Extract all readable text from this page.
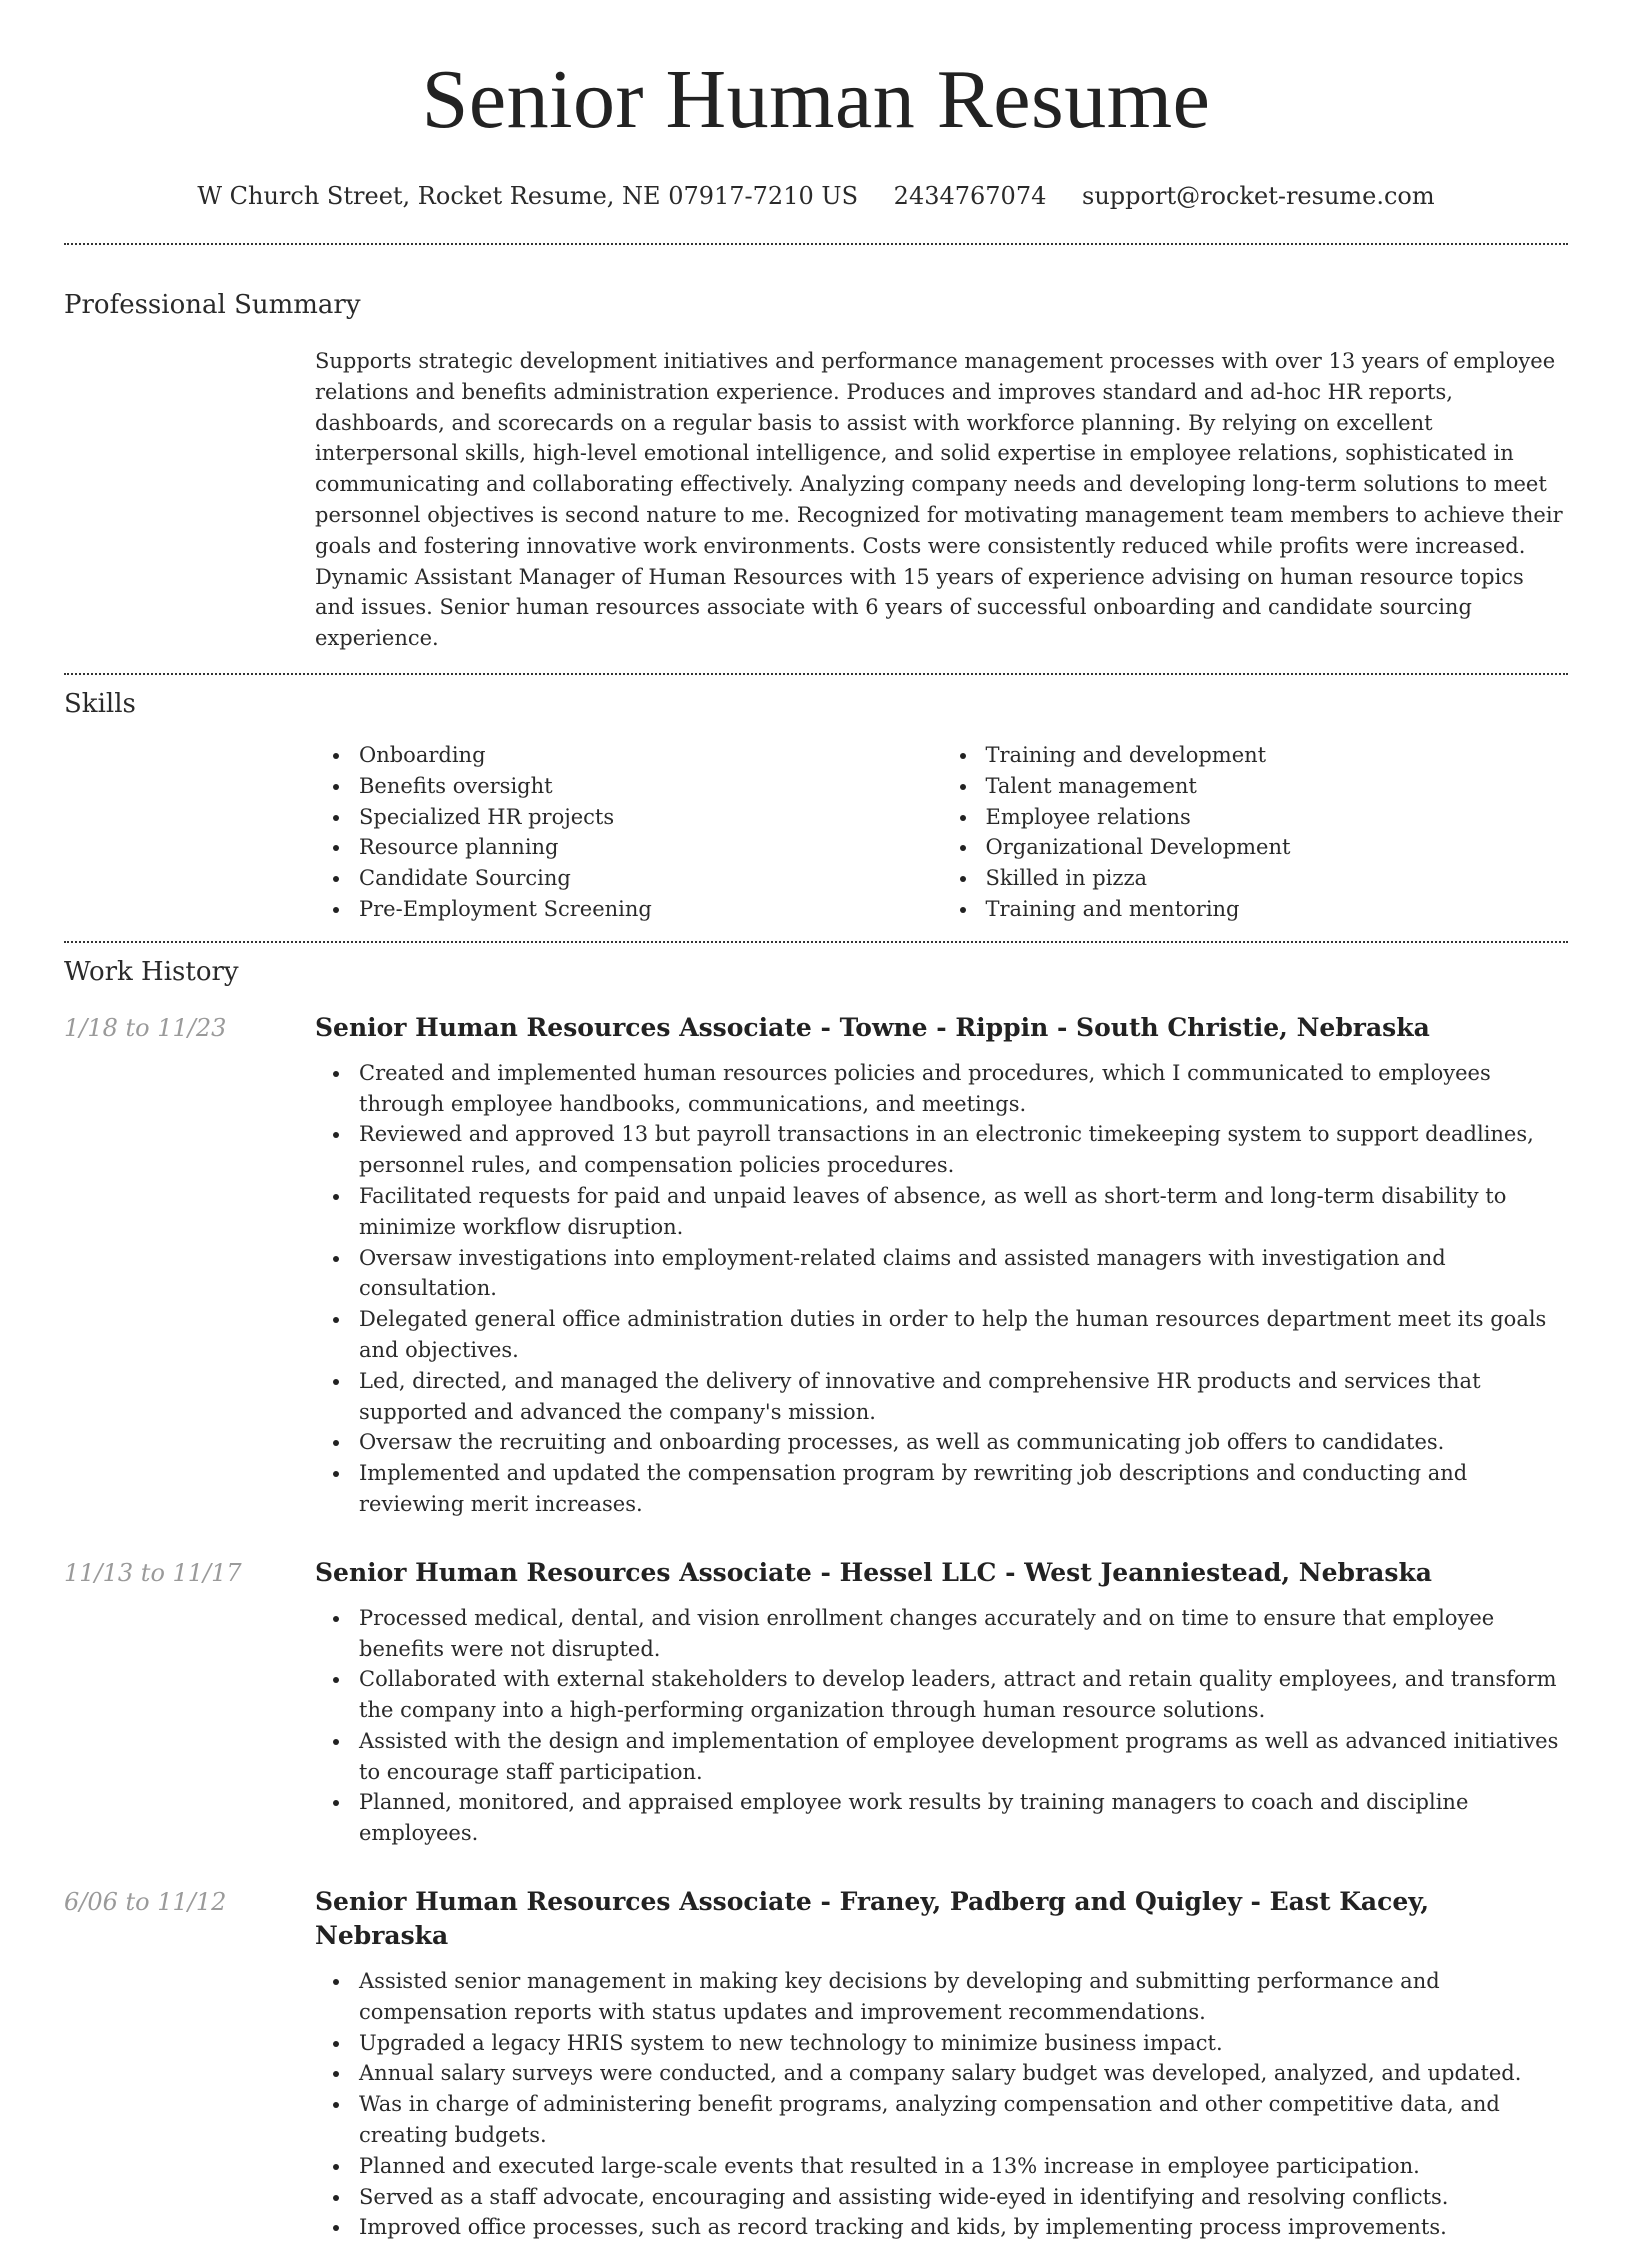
Senior Human Resume
W Church Street, Rocket Resume, NE 07917-7210 US 2434767074 support@rocket-resume.com
Professional Summary

Supports strategic development initiatives and performance management processes with over 13 years of employee relations and benefits administration experience. Produces and improves standard and ad-hoc HR reports, dashboards, and scorecards on a regular basis to assist with workforce planning. By relying on excellent interpersonal skills, high-level emotional intelligence, and solid expertise in employee relations, sophisticated in communicating and collaborating effectively. Analyzing company needs and developing long-term solutions to meet personnel objectives is second nature to me. Recognized for motivating management team members to achieve their goals and fostering innovative work environments. Costs were consistently reduced while profits were increased. Dynamic Assistant Manager of Human Resources with 15 years of experience advising on human resource topics and issues. Senior human resources associate with 6 years of successful onboarding and candidate sourcing experience.

Skills
Onboarding
Benefits oversight
Specialized HR projects
Resource planning
Candidate Sourcing
Pre-Employment Screening
Training and development
Talent management
Employee relations
Organizational Development
Skilled in pizza
Training and mentoring
Work History
1/18 to 11/23	Senior Human Resources Associate - Towne - Rippin - South Christie, Nebraska
Created and implemented human resources policies and procedures, which I communicated to employees through employee handbooks, communications, and meetings.
Reviewed and approved 13 but payroll transactions in an electronic timekeeping system to support deadlines, personnel rules, and compensation policies procedures.
Facilitated requests for paid and unpaid leaves of absence, as well as short-term and long-term disability to minimize workflow disruption.
Oversaw investigations into employment-related claims and assisted managers with investigation and consultation.
Delegated general office administration duties in order to help the human resources department meet its goals and objectives.
Led, directed, and managed the delivery of innovative and comprehensive HR products and services that supported and advanced the company's mission.
Oversaw the recruiting and onboarding processes, as well as communicating job offers to candidates.
Implemented and updated the compensation program by rewriting job descriptions and conducting and reviewing merit increases.
11/13 to 11/17	Senior Human Resources Associate - Hessel LLC - West Jeanniestead, Nebraska
Processed medical, dental, and vision enrollment changes accurately and on time to ensure that employee benefits were not disrupted.
Collaborated with external stakeholders to develop leaders, attract and retain quality employees, and transform the company into a high-performing organization through human resource solutions.
Assisted with the design and implementation of employee development programs as well as advanced initiatives to encourage staff participation.
Planned, monitored, and appraised employee work results by training managers to coach and discipline employees.
6/06 to 11/12	Senior Human Resources Associate - Franey, Padberg and Quigley - East Kacey, Nebraska
Assisted senior management in making key decisions by developing and submitting performance and compensation reports with status updates and improvement recommendations.
Upgraded a legacy HRIS system to new technology to minimize business impact.
Annual salary surveys were conducted, and a company salary budget was developed, analyzed, and updated.
Was in charge of administering benefit programs, analyzing compensation and other competitive data, and creating budgets.
Planned and executed large-scale events that resulted in a 13% increase in employee participation.
Served as a staff advocate, encouraging and assisting wide-eyed in identifying and resolving conflicts.
Improved office processes, such as record tracking and kids, by implementing process improvements.
